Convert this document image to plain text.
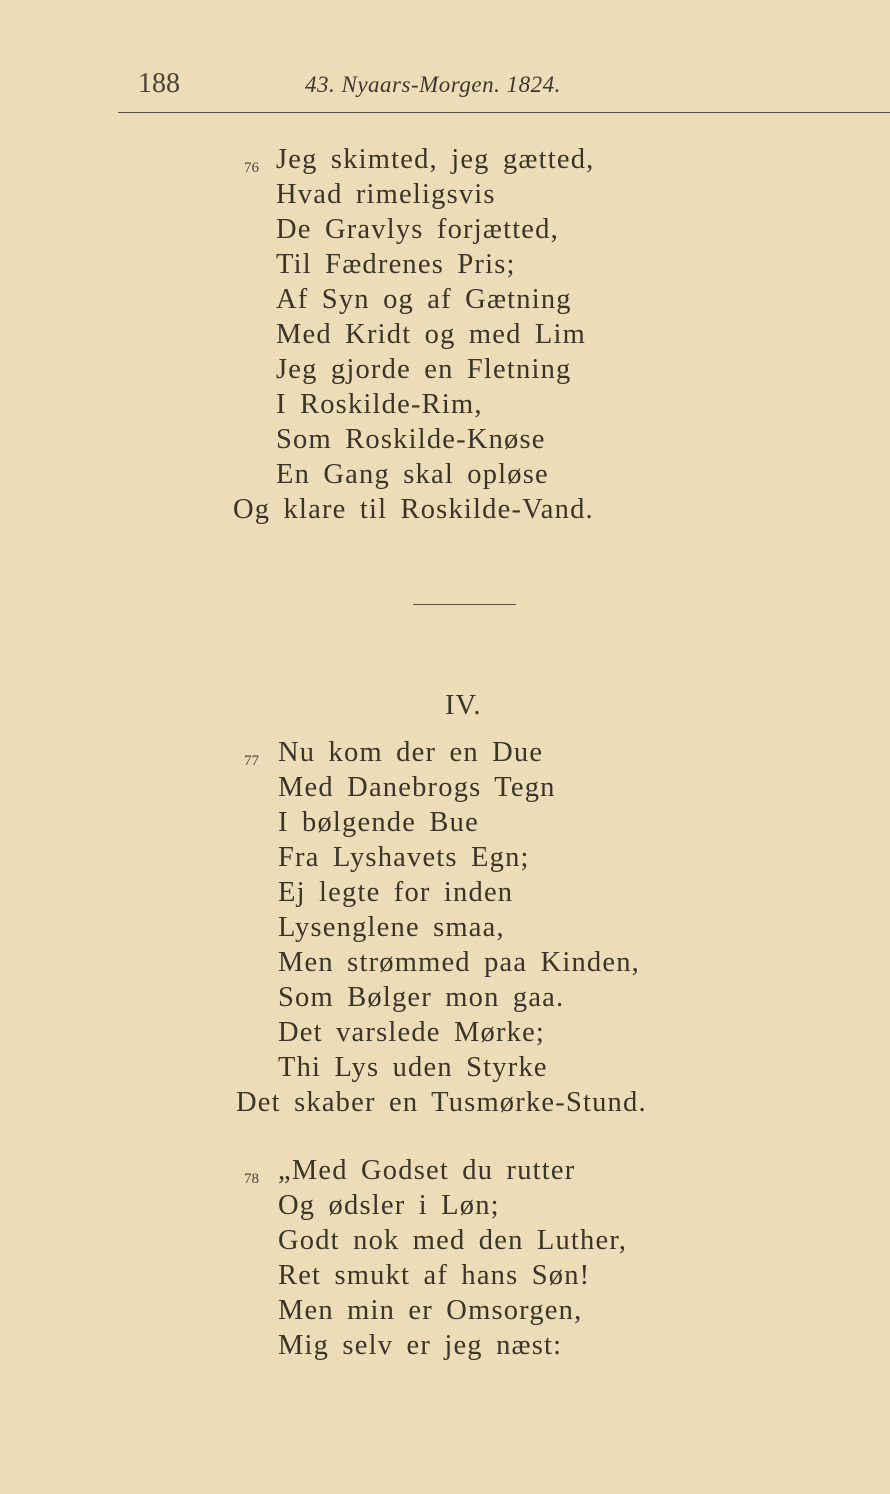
188	43. Nyaars-Morgen. 1824.
76 Jeg skimted, jeg gætted,
Hvad rimeligsvis
De Gravlys forjætted,
Til Fædrenes Pris;
Af Syn og af Gætning
Med Kridt og med Lim
Jeg gjorde en Fletning
I Roskilde-Rim,
Som Roskilde-Knøse
En Gang skal opløse
Og klare til Roskilde-Vand.
IV.
77 Nu kom der en Due
Med Danebrogs Tegn
I bølgende Bue
Fra Lyshavets Egn;
Ej legte for inden
Lysenglene smaa,
Men strømmed paa Kinden,
Som Bølger mon gaa.
Det varslede Mørke;
Thi Lys uden Styrke
Det skaber en Tusmørke-Stund.
78 „Med Godset du rutter
Og ødsler i Løn;
Godt nok med den Luther,
Ret smukt af hans Søn!
Men min er Omsorgen,
Mig selv er jeg næst:
